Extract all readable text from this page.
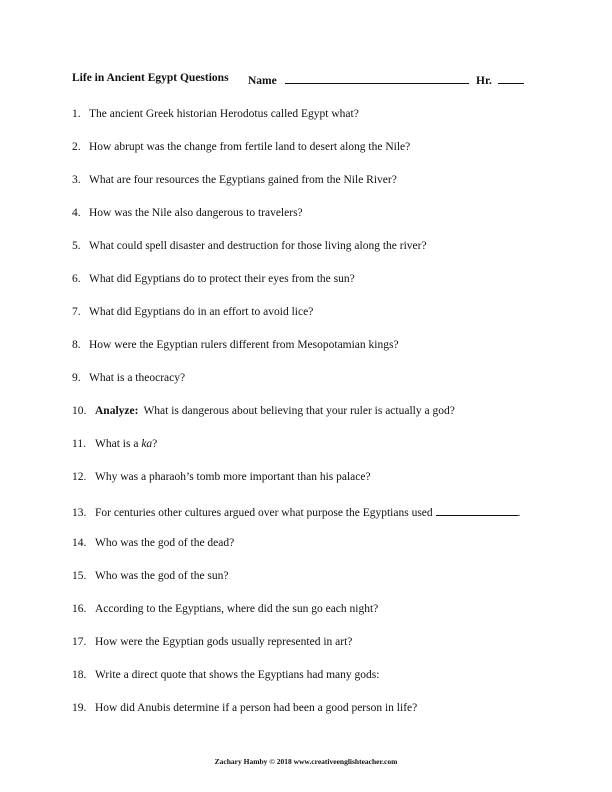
Life in Ancient Egypt Questions Name	Hr.
1. The ancient Greek historian Herodotus called Egypt what?
2. How abrupt was the change from fertile land to desert along the Nile?
3. What are four resources the Egyptians gained from the Nile River?
4. How was the Nile also dangerous to travelers?
5. What could spell disaster and destruction for those living along the river?
6. What did Egyptians do to protect their eyes from the sun?
7. What did Egyptians do in an effort to avoid lice?
8. How were the Egyptian rulers different from Mesopotamian kings?
9. What is a theocracy?
10. Analyze: What is dangerous about believing that your ruler is actually a god?
11. What is a ka?
12. Why was a pharaoh’s tomb more important than his palace?
13. For centuries other cultures argued over what purpose the Egyptians used	.
14. Who was the god of the dead?
15. Who was the god of the sun?
16. According to the Egyptians, where did the sun go each night?
17. How were the Egyptian gods usually represented in art?
18. Write a direct quote that shows the Egyptians had many gods:
19. How did Anubis determine if a person had been a good person in life?
Zachary Hamby © 2018 www.creativeenglishteacher.com
